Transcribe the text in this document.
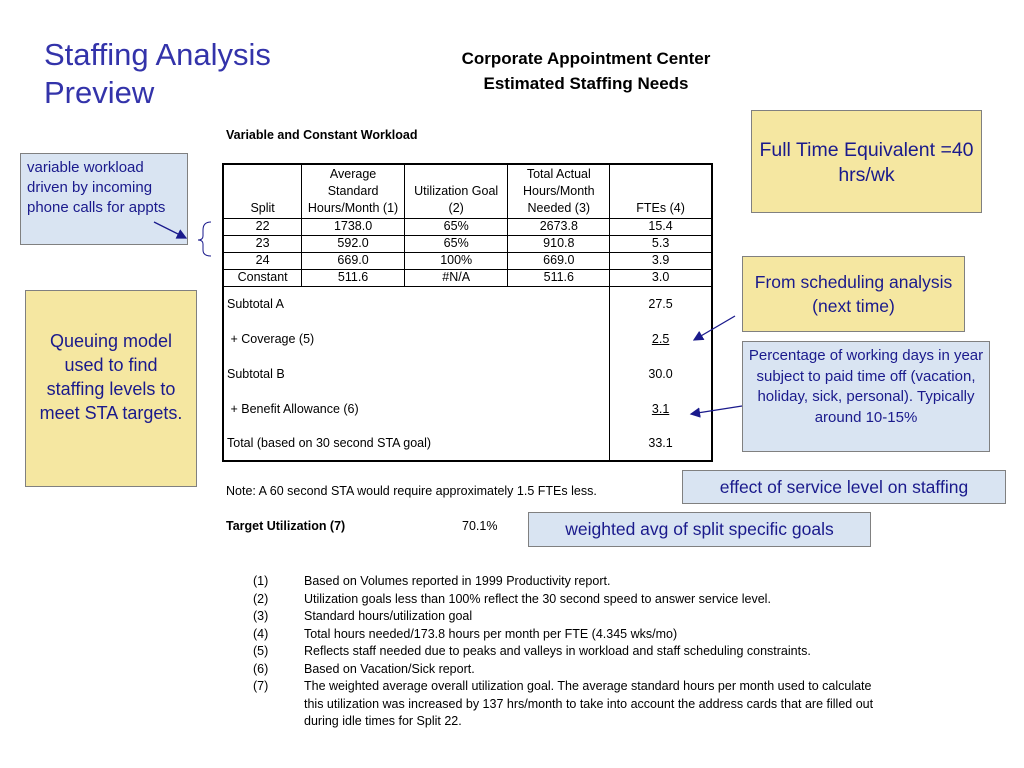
Staffing Analysis Preview
Corporate Appointment Center
Estimated Staffing Needs
Variable and Constant Workload
Split	Average Standard Hours/Month (1)	Utilization Goal (2)	Total Actual Hours/Month Needed (3)	FTEs (4)
22	1738.0	65%	2673.8	15.4
23	592.0	65%	910.8	5.3
24	669.0	100%	669.0	3.9
Constant	511.6	#N/A	511.6	3.0
Subtotal A				27.5
+ Coverage (5)				2.5
Subtotal B				30.0
+ Benefit Allowance (6)				3.1
Total (based on 30 second STA goal)				33.1
Note: A 60 second STA would require approximately 1.5 FTEs less.
Target Utilization (7)	70.1%
(1)	Based on Volumes reported in 1999 Productivity report.
(2)	Utilization goals less than 100% reflect the 30 second speed to answer service level.
(3)	Standard hours/utilization goal
(4)	Total hours needed/173.8 hours per month per FTE (4.345 wks/mo)
(5)	Reflects staff needed due to peaks and valleys in workload and staff scheduling constraints.
(6)	Based on Vacation/Sick report.
(7)	The weighted average overall utilization goal. The average standard hours per month used to calculate this utilization was increased by 137 hrs/month to take into account the address cards that are filled out during idle times for Split 22.
Full Time Equivalent =40 hrs/wk
variable workload driven by incoming phone calls for appts
Queuing model used to find staffing levels to meet STA targets.
From scheduling analysis (next time)
Percentage of working days in year subject to paid time off (vacation, holiday, sick, personal). Typically around 10-15%
effect of service level on staffing
weighted avg of split specific goals
